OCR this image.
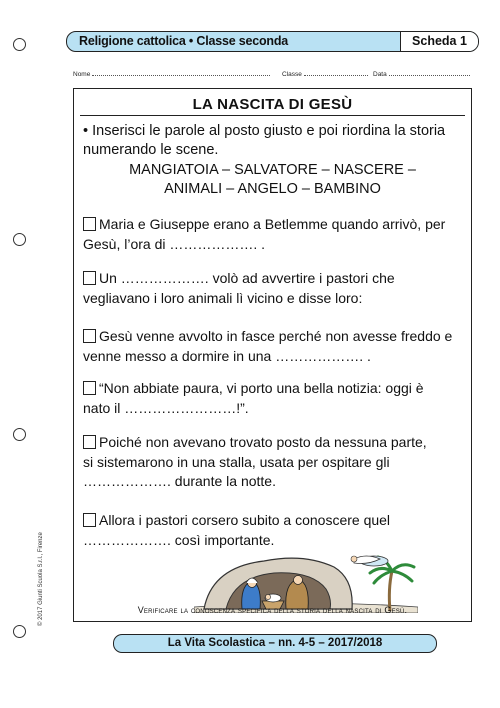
Religione cattolica • Classe seconda	Scheda 1
Nome	Classe	Data
LA NASCITA DI GESÙ
• Inserisci le parole al posto giusto e poi riordina la storia numerando le scene.
MANGIATOIA – SALVATORE – NASCERE –
ANIMALI – ANGELO – BAMBINO
Maria e Giuseppe erano a Betlemme quando arrivò, per
Gesù, l’ora di ………………. .
Un ………………. volò ad avvertire i pastori che
vegliavano i loro animali lì vicino e disse loro:
Gesù venne avvolto in fasce perché non avesse freddo e
venne messo a dormire in una ………………. .
“Non abbiate paura, vi porto una bella notizia: oggi è
nato il ……………………!”.
Poiché non avevano trovato posto da nessuna parte,
si sistemarono in una stalla, usata per ospitare gli
………………. durante la notte.
Allora i pastori corsero subito a conoscere quel
………………. così importante.
Verificare la conoscenza specifica della storia della nascita di Gesù.
© 2017 Giunti Scuola S.r.l., Firenze
La Vita Scolastica – nn. 4-5 – 2017/2018
